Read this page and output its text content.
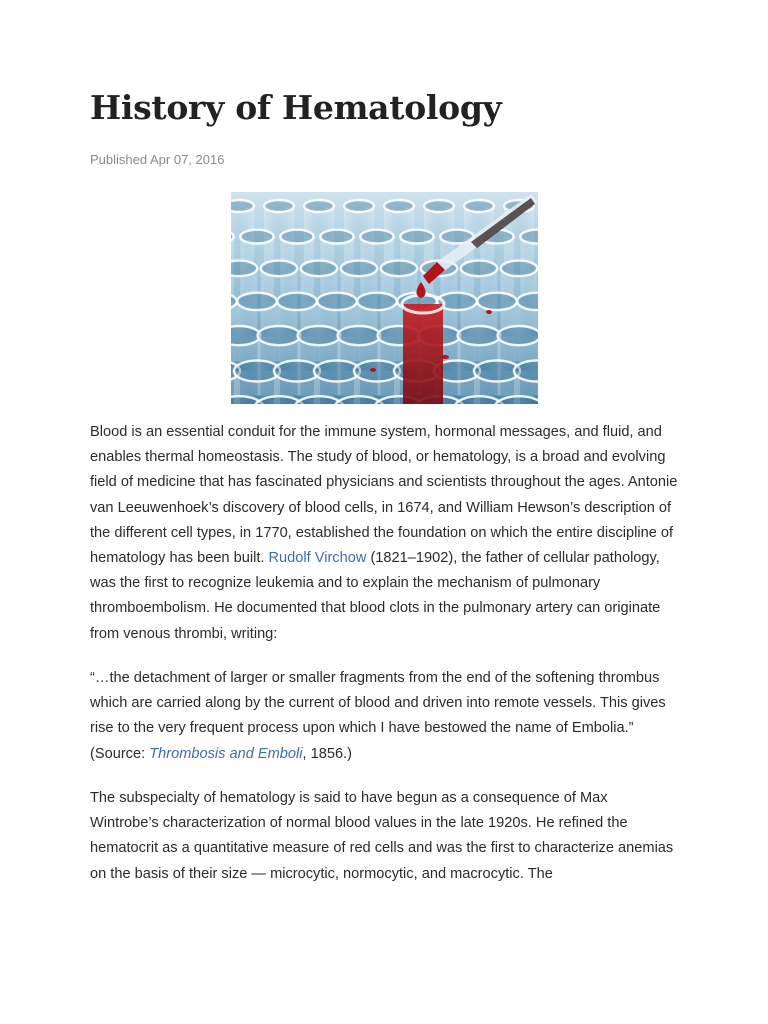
History of Hematology
Published Apr 07, 2016

Blood is an essential conduit for the immune system, hormonal messages, and fluid, and enables thermal homeostasis. The study of blood, or hematology, is a broad and evolving field of medicine that has fascinated physicians and scientists throughout the ages. Antonie van Leeuwenhoek’s discovery of blood cells, in 1674, and William Hewson’s description of the different cell types, in 1770, established the foundation on which the entire discipline of hematology has been built. Rudolf Virchow (1821–1902), the father of cellular pathology, was the first to recognize leukemia and to explain the mechanism of pulmonary thromboembolism. He documented that blood clots in the pulmonary artery can originate from venous thrombi, writing:

“…the detachment of larger or smaller fragments from the end of the softening thrombus which are carried along by the current of blood and driven into remote vessels. This gives rise to the very frequent process upon which I have bestowed the name of Embolia.” (Source: Thrombosis and Emboli, 1856.)

The subspecialty of hematology is said to have begun as a consequence of Max Wintrobe’s characterization of normal blood values in the late 1920s. He refined the hematocrit as a quantitative measure of red cells and was the first to characterize anemias on the basis of their size — microcytic, normocytic, and macrocytic. The
